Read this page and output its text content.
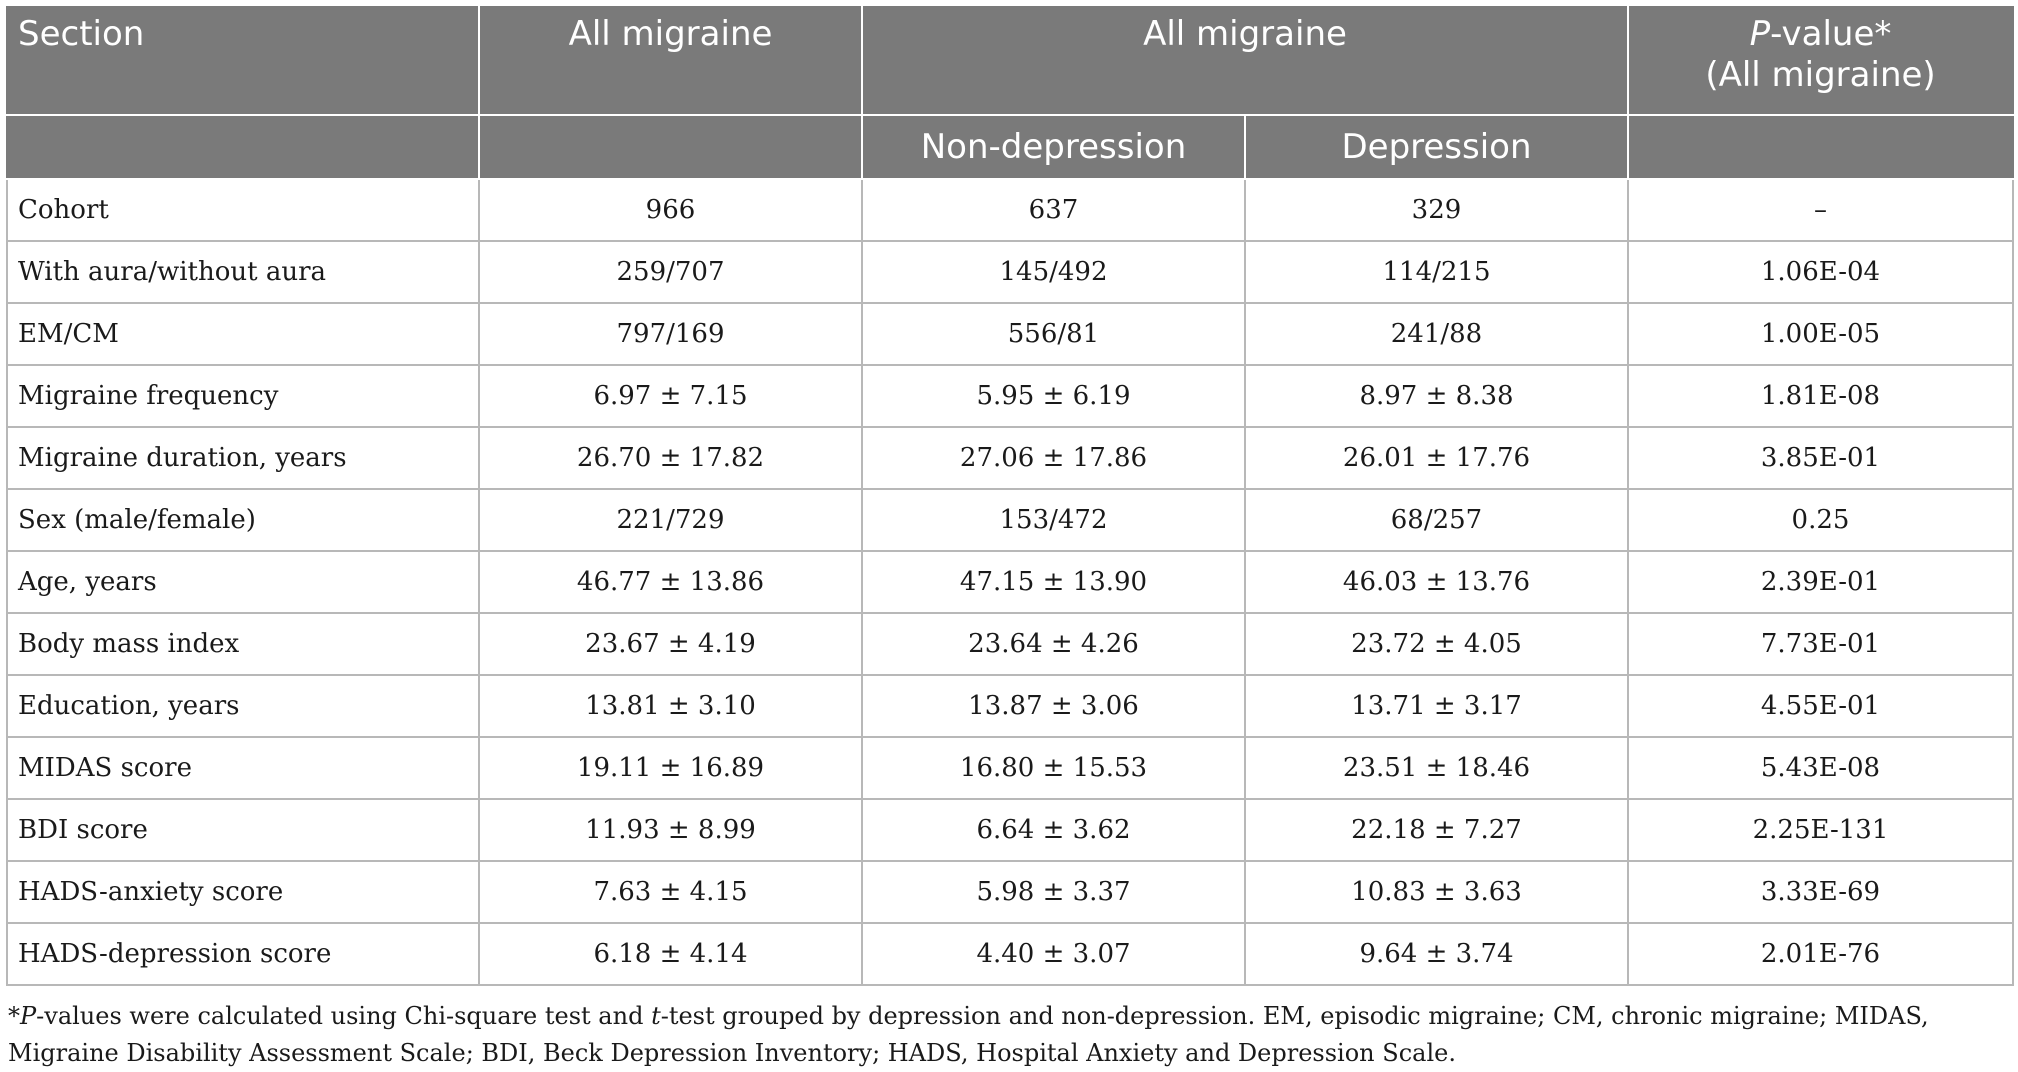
Section	All migraine	All migraine		P-value*
(All migraine)
		Non-depression	Depression	
Cohort	966	637	329	–
With aura/without aura	259/707	145/492	114/215	1.06E-04
EM/CM	797/169	556/81	241/88	1.00E-05
Migraine frequency	6.97 ± 7.15	5.95 ± 6.19	8.97 ± 8.38	1.81E-08
Migraine duration, years	26.70 ± 17.82	27.06 ± 17.86	26.01 ± 17.76	3.85E-01
Sex (male/female)	221/729	153/472	68/257	0.25
Age, years	46.77 ± 13.86	47.15 ± 13.90	46.03 ± 13.76	2.39E-01
Body mass index	23.67 ± 4.19	23.64 ± 4.26	23.72 ± 4.05	7.73E-01
Education, years	13.81 ± 3.10	13.87 ± 3.06	13.71 ± 3.17	4.55E-01
MIDAS score	19.11 ± 16.89	16.80 ± 15.53	23.51 ± 18.46	5.43E-08
BDI score	11.93 ± 8.99	6.64 ± 3.62	22.18 ± 7.27	2.25E-131
HADS-anxiety score	7.63 ± 4.15	5.98 ± 3.37	10.83 ± 3.63	3.33E-69
HADS-depression score	6.18 ± 4.14	4.40 ± 3.07	9.64 ± 3.74	2.01E-76
*P-values were calculated using Chi-square test and t-test grouped by depression and non-depression. EM, episodic migraine; CM, chronic migraine; MIDAS, Migraine Disability Assessment Scale; BDI, Beck Depression Inventory; HADS, Hospital Anxiety and Depression Scale.
